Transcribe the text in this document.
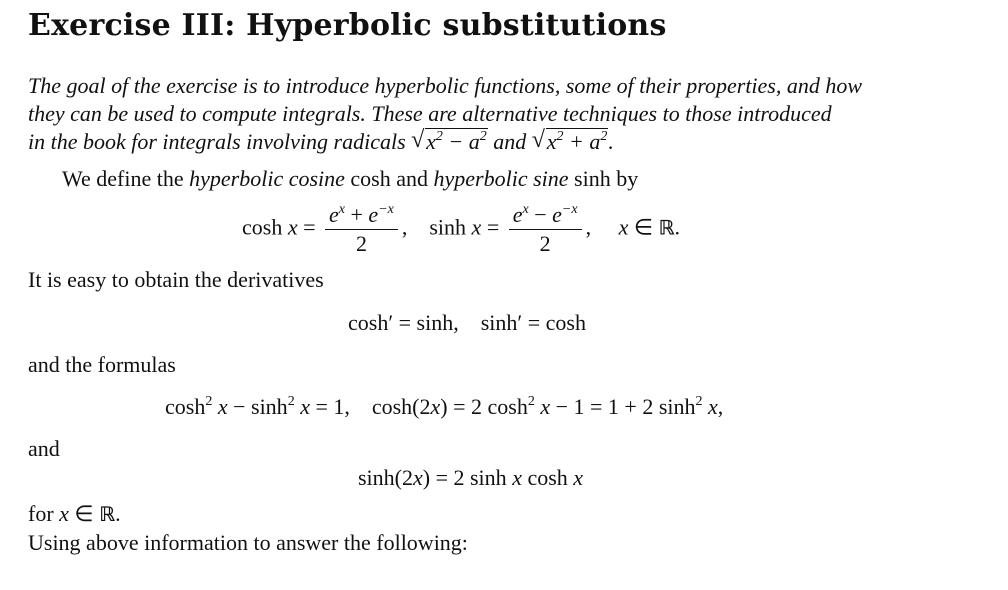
Exercise III: Hyperbolic substitutions
The goal of the exercise is to introduce hyperbolic functions, some of their properties, and how
they can be used to compute integrals. These are alternative techniques to those introduced
in the book for integrals involving radicals √ $x^2 - a^2$ and √ $x^2 + a^2$.
We define the hyperbolic cosine cosh and hyperbolic sine sinh by
$\cosh x = \frac{e^x + e^{-x}}{2}$ ,    $\sinh x = \frac{e^x - e^{-x}}{2}$ ,     x ∈ ℝ.
It is easy to obtain the derivatives
cosh′ = sinh,    sinh′ = cosh
and the formulas
$\cosh^2 x - \sinh^2 x = 1$,    cosh(2x) = 2 $\cosh^2 x - 1 = 1 + 2$ $\sinh^2 x$,
and
sinh(2x) = 2 sinh x cosh x
for x ∈ ℝ.
Using above information to answer the following:
